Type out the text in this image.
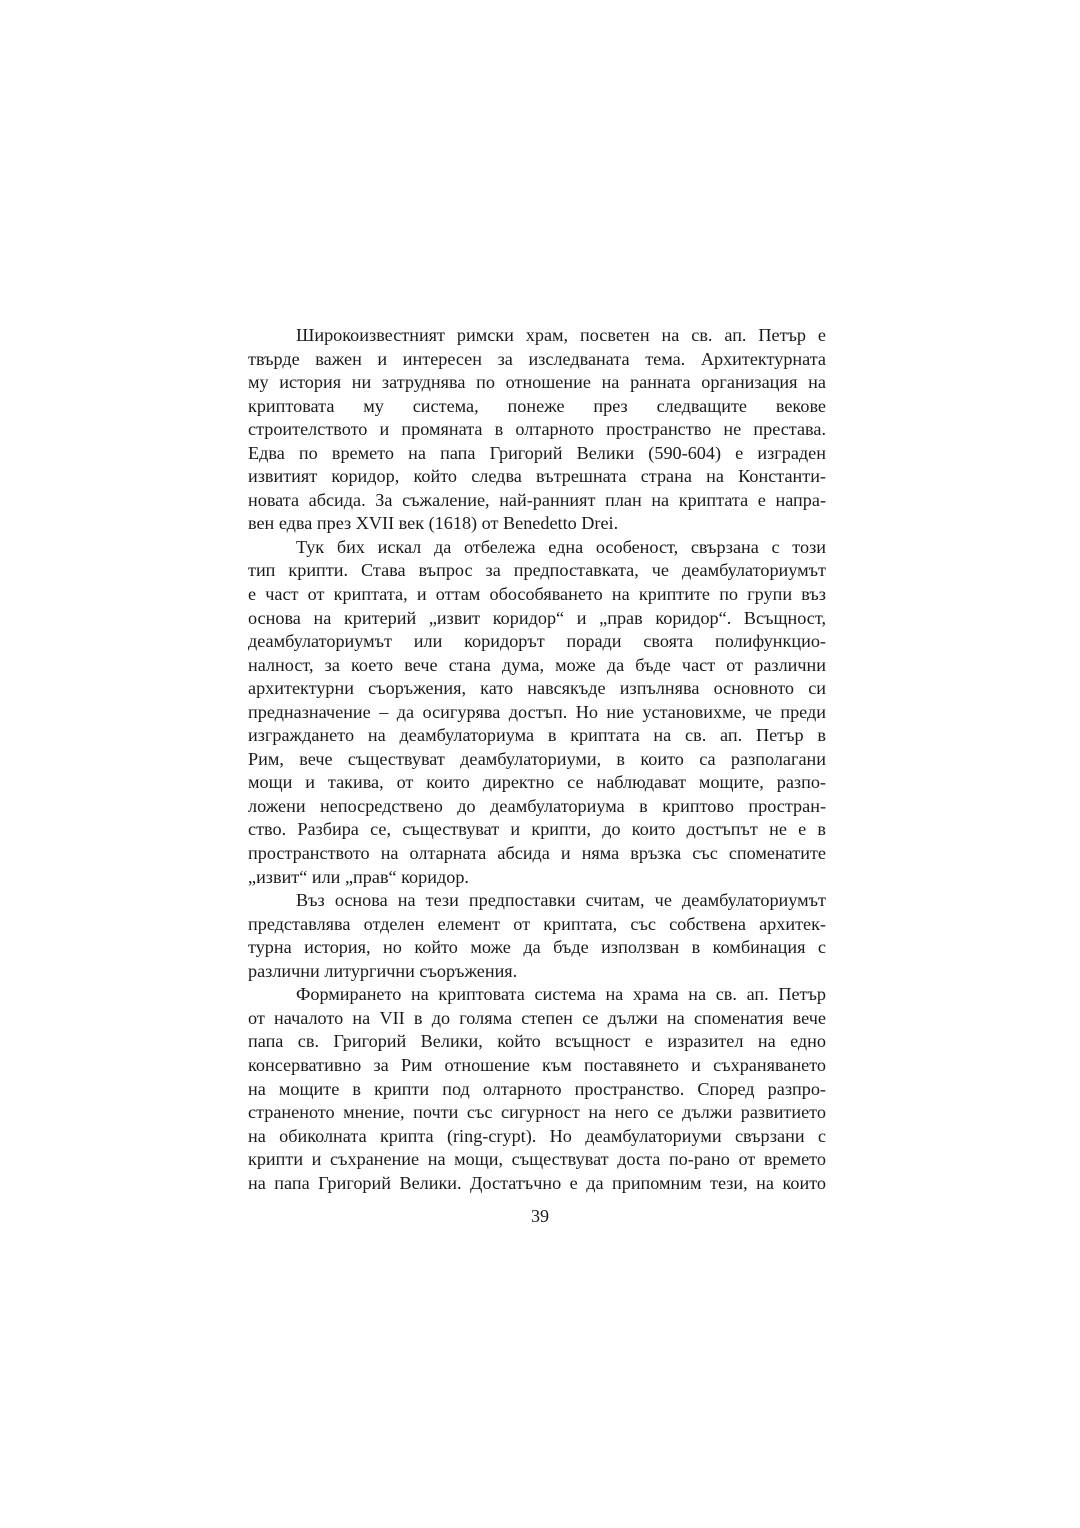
Широкоизвестният римски храм, посветен на св. ап. Петър е
твърде важен и интересен за изследваната тема. Архитектурната
му история ни затруднява по отношение на ранната организация на
криптовата му система, понеже през следващите векове
строителството и промяната в олтарното пространство не престава.
Едва по времето на папа Григорий Велики (590-604) е изграден
извитият коридор, който следва вътрешната страна на Константи-
новата абсида. За съжаление, най-ранният план на криптата е напра-
вен едва през XVII век (1618) от Benedetto Drei.
Тук бих искал да отбележа една особеност, свързана с този
тип крипти. Става въпрос за предпоставката, че деамбулаториумът
е част от криптата, и оттам обособяването на криптите по групи въз
основа на критерий „извит коридор“ и „прав коридор“. Всъщност,
деамбулаториумът или коридорът поради своята полифункцио-
налност, за което вече стана дума, може да бъде част от различни
архитектурни съоръжения, като навсякъде изпълнява основното си
предназначение – да осигурява достъп. Но ние установихме, че преди
изграждането на деамбулаториума в криптата на св. ап. Петър в
Рим, вече съществуват деамбулаториуми, в които са разполагани
мощи и такива, от които директно се наблюдават мощите, разпо-
ложени непосредствено до деамбулаториума в криптово простран-
ство. Разбира се, съществуват и крипти, до които достъпът не е в
пространството на олтарната абсида и няма връзка със споменатите
„извит“ или „прав“ коридор.
Въз основа на тези предпоставки считам, че деамбулаториумът
представлява отделен елемент от криптата, със собствена архитек-
турна история, но който може да бъде използван в комбинация с
различни литургични съоръжения.
Формирането на криптовата система на храма на св. ап. Петър
от началото на VII в до голяма степен се дължи на споменатия вече
папа св. Григорий Велики, който всъщност е изразител на едно
консервативно за Рим отношение към поставянето и съхраняването
на мощите в крипти под олтарното пространство. Според разпро-
страненото мнение, почти със сигурност на него се дължи развитието
на обиколната крипта (ring-crypt). Но деамбулаториуми свързани с
крипти и съхранение на мощи, съществуват доста по-рано от времето
на папа Григорий Велики. Достатъчно е да припомним тези, на които
39
